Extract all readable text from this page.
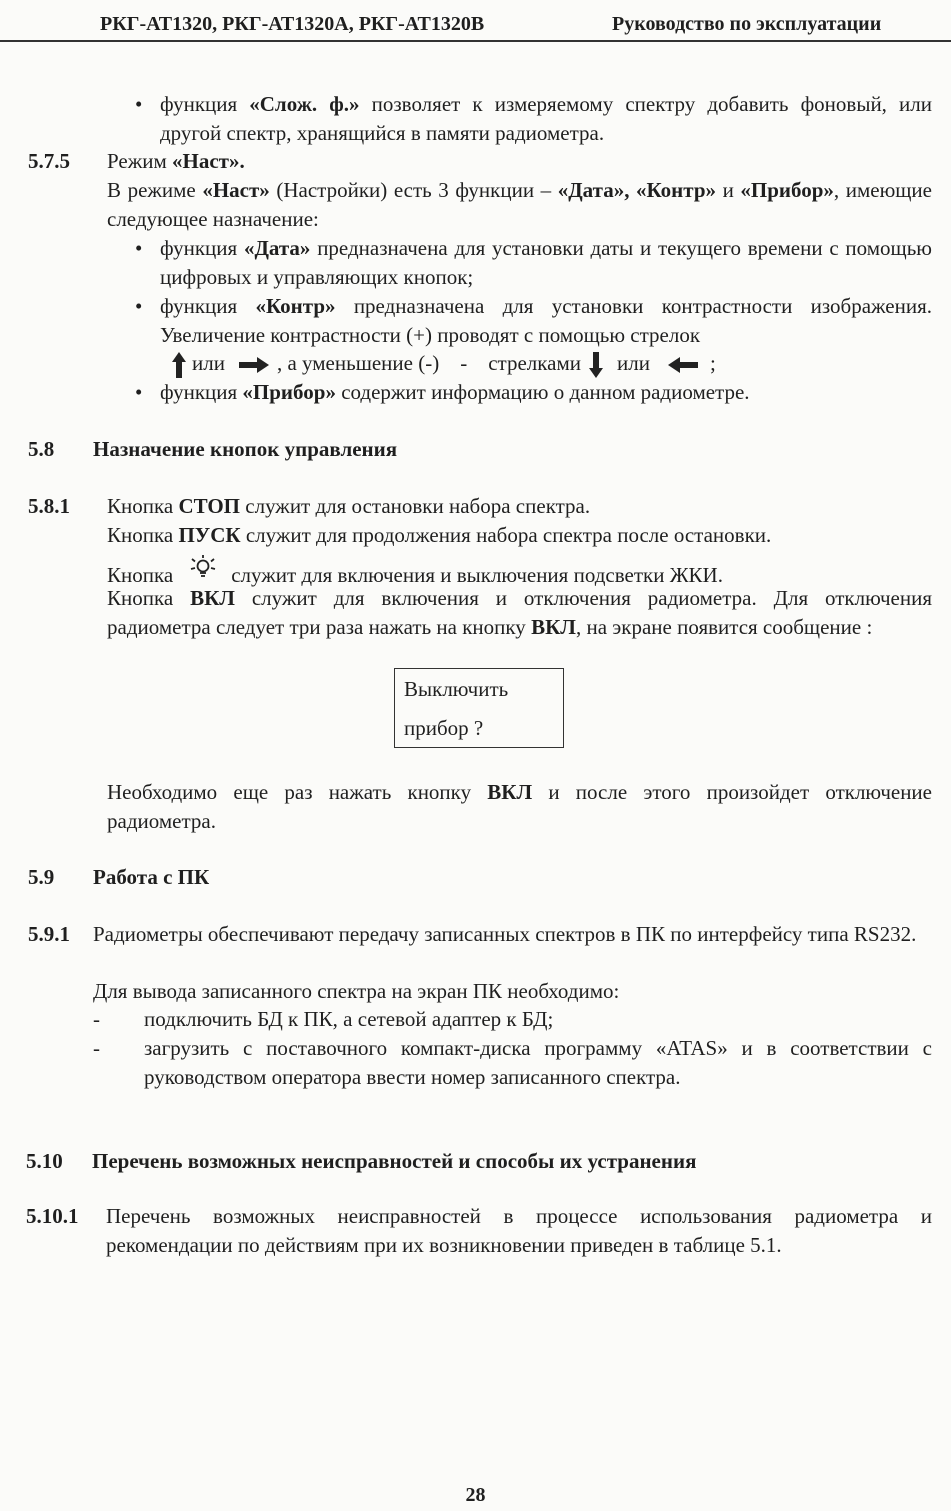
РКГ-АТ1320, РКГ-АТ1320А, РКГ-АТ1320В	Руководство по эксплуатации
• функция «Слож. ф.» позволяет к измеряемому спектру добавить фоновый, или другой спектр, хранящийся в памяти радиометра.
5.7.5 Режим «Наст».
В режиме «Наст» (Настройки) есть 3 функции – «Дата», «Контр» и «Прибор», имеющие следующее назначение:
• функция «Дата» предназначена для установки даты и текущего времени с помощью цифровых и управляющих кнопок;
• функция «Контр» предназначена для установки контрастности изображения. Увеличение контрастности (+) проводят с помощью стрелок
или , а уменьшение (-)    -    стрелками или	;
• функция «Прибор» содержит информацию о данном радиометре.
5.8 Назначение кнопок управления
5.8.1 Кнопка СТОП служит для остановки набора спектра.
Кнопка ПУСК служит для продолжения набора спектра после остановки.
Кнопка	служит для включения и выключения подсветки ЖКИ.
Кнопка ВКЛ служит для включения и отключения радиометра. Для отключения радиометра следует три раза нажать на кнопку ВКЛ, на экране появится сообщение :
Выключить
прибор ?
Необходимо еще раз нажать кнопку ВКЛ и после этого произойдет отключение радиометра.
5.9 Работа с ПК
5.9.1 Радиометры обеспечивают передачу записанных спектров в ПК по интерфейсу типа RS232.
Для вывода записанного спектра на экран ПК необходимо:
- подключить БД к ПК, а сетевой адаптер к БД;
- загрузить с поставочного компакт-диска программу «ATAS» и в соответствии с руководством оператора ввести номер записанного спектра.
5.10 Перечень возможных неисправностей и способы их устранения
5.10.1 Перечень возможных неисправностей в процессе использования радиометра и рекомендации по действиям при их возникновении приведен в таблице 5.1.
28
